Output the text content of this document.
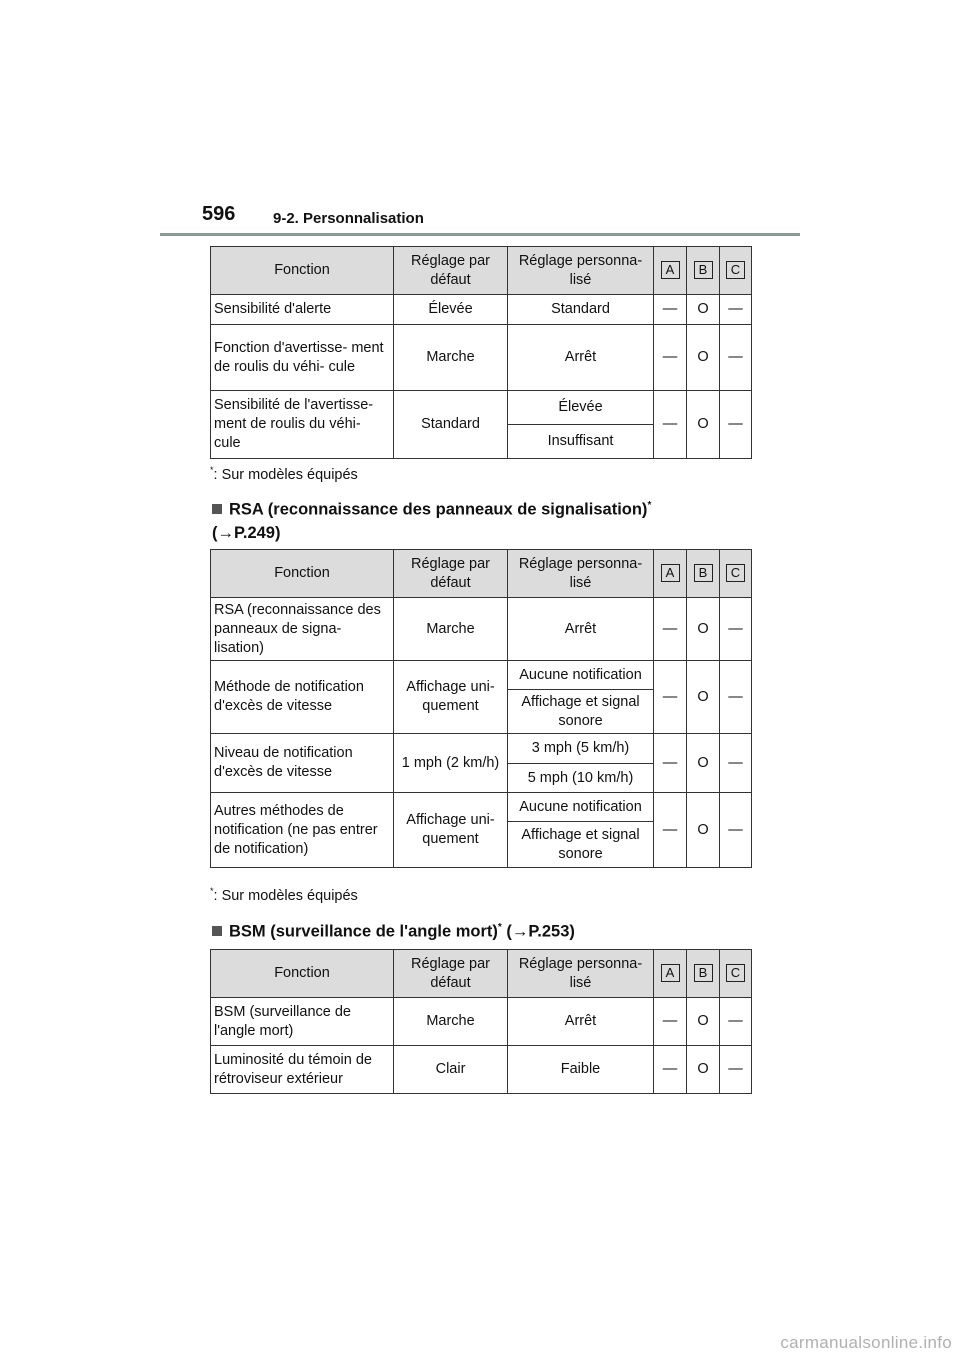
596	9-2. Personnalisation
Fonction	Réglage par défaut	Réglage personna- lisé	A	B	C
Sensibilité d'alerte	Élevée	Standard	—	O	—
Fonction d'avertisse- ment de roulis du véhi- cule	Marche	Arrêt	—	O	—
Sensibilité de l'avertisse- ment de roulis du véhi- cule	Standard	Élevée	—	O	—
		Insuffisant			
*: Sur modèles équipés
RSA (reconnaissance des panneaux de signalisation)*
(→P.249)
Fonction	Réglage par défaut	Réglage personna- lisé	A	B	C
RSA (reconnaissance des panneaux de signa- lisation)	Marche	Arrêt	—	O	—
Méthode de notification d'excès de vitesse	Affichage uni- quement	Aucune notification	—	O	—
		Affichage et signal sonore			
Niveau de notification d'excès de vitesse	1 mph (2 km/h)	3 mph (5 km/h)	—	O	—
		5 mph (10 km/h)			
Autres méthodes de notification (ne pas entrer de notification)	Affichage uni- quement	Aucune notification	—	O	—
		Affichage et signal sonore			
*: Sur modèles équipés
BSM (surveillance de l'angle mort)* (→P.253)
Fonction	Réglage par défaut	Réglage personna- lisé	A	B	C
BSM (surveillance de l'angle mort)	Marche	Arrêt	—	O	—
Luminosité du témoin de rétroviseur extérieur	Clair	Faible	—	O	—
carmanualsonline.info
